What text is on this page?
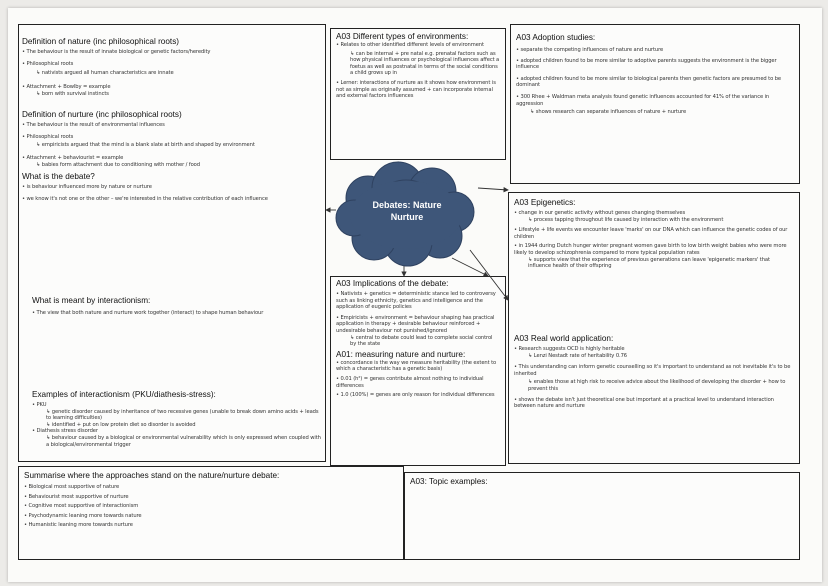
Definition of nature (inc philosophical roots)

• The behaviour is the result of innate biological or genetic factors/heredity

• Philosophical roots

↳ nativists argued all human characteristics are innate

• Attachment + Bowlby = example

↳ born with survival instincts

Definition of nurture (inc philosophical roots)

• The behaviour is the result of environmental influences

• Philosophical roots

↳ empiricists argued that the mind is a blank slate at birth and shaped by environment

• Attachment + behaviourist = example

↳ babies form attachment due to conditioning with mother / food

What is the debate?

• is behaviour influenced more by nature or nurture

• we know it's not one or the other – we're interested in the relative contribution of each influence

What is meant by interactionism:

• The view that both nature and nurture work together (interact) to shape human behaviour

Examples of interactionism (PKU/diathesis-stress):

• PKU

↳ genetic disorder caused by inheritance of two recessive genes (unable to break down amino acids + leads to learning difficulties)

↳ identified + put on low protein diet so disorder is avoided

• Diathesis stress disorder

↳ behaviour caused by a biological or environmental vulnerability which is only expressed when coupled with a biological/environmental trigger

A03 Different types of environments:

• Relates to other identified different levels of environment

↳ can be internal + pre natal e.g. prenatal factors such as how physical influences or psychological influences affect a foetus as well as postnatal in terms of the social conditions a child grows up in

• Lerner: interactions of nurture as it shows how environment is not as simple as originally assumed + can incorporate internal and external factors influences

A03 Adoption studies:

• separate the competing influences of nature and nurture

• adopted children found to be more similar to adoptive parents suggests the environment is the bigger influence

• adopted children found to be more similar to biological parents then genetic factors are presumed to be dominant

• 300 Rhee + Waldman meta analysis found genetic influences accounted for 41% of the variance in aggression

↳ shows research can separate influences of nature + nurture

A03 Epigenetics:

• change in our genetic activity without genes changing themselves

↳ process tapping throughout life caused by interaction with the environment

• Lifestyle + life events we encounter leave 'marks' on our DNA which can influence the genetic codes of our children

• in 1944 during Dutch hunger winter pregnant women gave birth to low birth weight babies who were more likely to develop schizophrenia compared to more typical population rates

↳ supports view that the experience of previous generations can leave 'epigenetic markers' that influence health of their offspring

A03 Real world application:

• Research suggests OCD is highly heritable

↳ Lenzi Nestadt rate of heritability 0.76

• This understanding can inform genetic counselling so it's important to understand as not inevitable it's to be inherited

↳ enables those at high risk to receive advice about the likelihood of developing the disorder + how to prevent this

• shows the debate isn't just theoretical one but important at a practical level to understand interaction between nature and nurture

A03 Implications of the debate:

• Nativists + genetics = deterministic stance led to controversy such as linking ethnicity, genetics and intelligence and the application of eugenic policies

• Empiricists + environment = behaviour shaping has practical application in therapy + desirable behaviour reinforced + undesirable behaviour not punished/ignored

↳ central to debate could lead to complete social control by the state

A01: measuring nature and nurture:

• concordance is the way we measure heritability (the extent to which a characteristic has a genetic basis)

• 0.01 (h²) = genes contribute almost nothing to individual differences

• 1.0 (100%) = genes are only reason for individual differences

Summarise where the approaches stand on the nature/nurture debate:

• Biological most supportive of nature

• Behaviourist most supportive of nurture

• Cognitive most supportive of interactionism

• Psychodynamic leaning more towards nature

• Humanistic leaning more towards nurture

A03: Topic examples:

Debates: Nature
Nurture
